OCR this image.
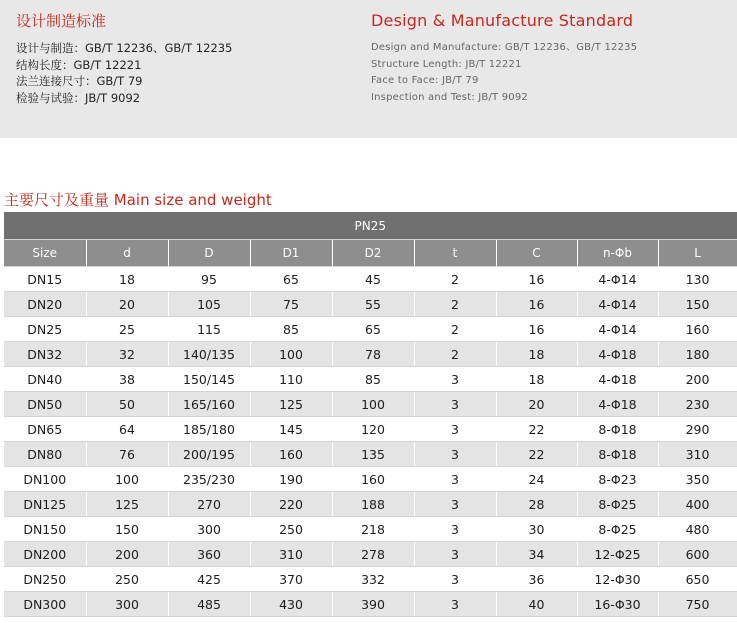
设计制造标准
设计与制造：GB/T 12236、GB/T 12235
结构长度：GB/T 12221
法兰连接尺寸：GB/T 79
检验与试验：JB/T 9092
Design & Manufacture Standard
Design and Manufacture: GB/T 12236、GB/T 12235
Structure Length: JB/T 12221
Face to Face: JB/T 79
Inspection and Test: JB/T 9092
主要尺寸及重量 Main size and weight
PN25								
Size	d	D	D1	D2	t	C	n-Φb	L
DN15	18	95	65	45	2	16	4-Φ14	130
DN20	20	105	75	55	2	16	4-Φ14	150
DN25	25	115	85	65	2	16	4-Φ14	160
DN32	32	140/135	100	78	2	18	4-Φ18	180
DN40	38	150/145	110	85	3	18	4-Φ18	200
DN50	50	165/160	125	100	3	20	4-Φ18	230
DN65	64	185/180	145	120	3	22	8-Φ18	290
DN80	76	200/195	160	135	3	22	8-Φ18	310
DN100	100	235/230	190	160	3	24	8-Φ23	350
DN125	125	270	220	188	3	28	8-Φ25	400
DN150	150	300	250	218	3	30	8-Φ25	480
DN200	200	360	310	278	3	34	12-Φ25	600
DN250	250	425	370	332	3	36	12-Φ30	650
DN300	300	485	430	390	3	40	16-Φ30	750
